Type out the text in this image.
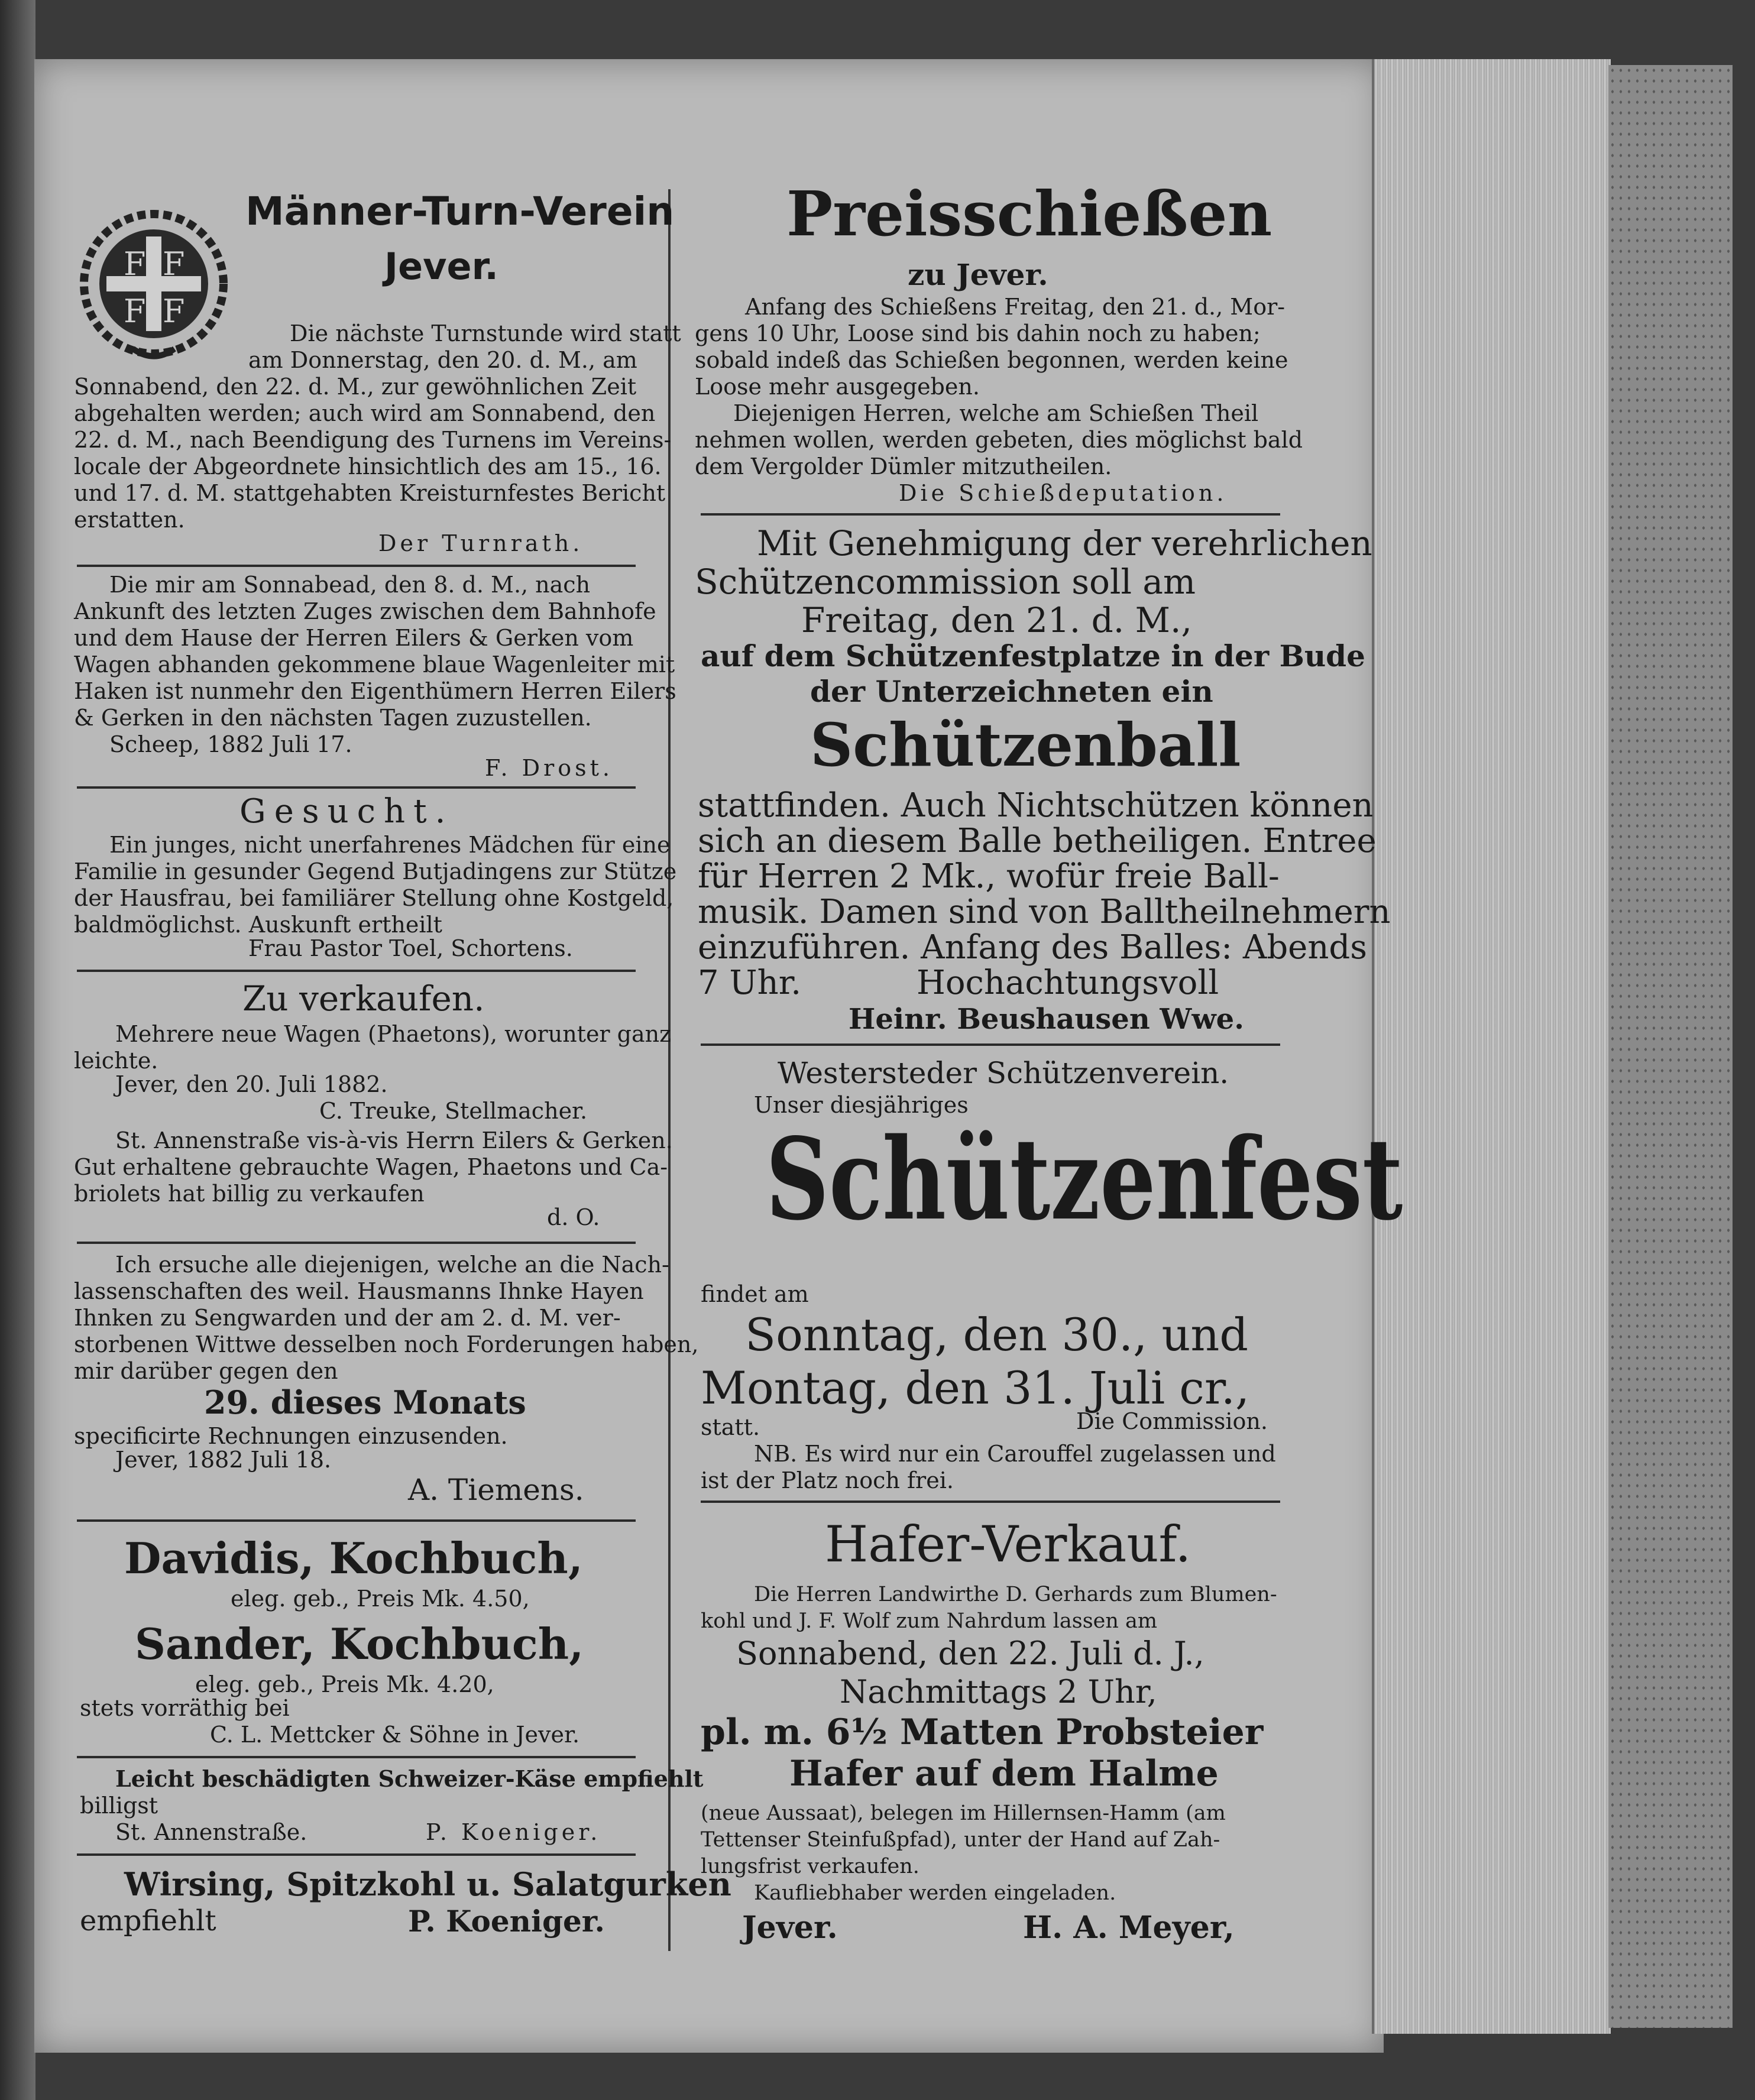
F F
F F
Männer-Turn-Verein
Jever.
Die nächste Turnstunde wird statt
am Donnerstag, den 20. d. M., am
Sonnabend, den 22. d. M., zur gewöhnlichen Zeit
abgehalten werden; auch wird am Sonnabend, den
22. d. M., nach Beendigung des Turnens im Vereins-
locale der Abgeordnete hinsichtlich des am 15., 16.
und 17. d. M. stattgehabten Kreisturnfestes Bericht
erstatten.
Der Turnrath.
Die mir am Sonnabead, den 8. d. M., nach
Ankunft des letzten Zuges zwischen dem Bahnhofe
und dem Hause der Herren Eilers & Gerken vom
Wagen abhanden gekommene blaue Wagenleiter mit
Haken ist nunmehr den Eigenthümern Herren Eilers
& Gerken in den nächsten Tagen zuzustellen.
Scheep, 1882 Juli 17.
F. Drost.
Gesucht.
Ein junges, nicht unerfahrenes Mädchen für eine
Familie in gesunder Gegend Butjadingens zur Stütze
der Hausfrau, bei familiärer Stellung ohne Kostgeld,
baldmöglichst. Auskunft ertheilt
Frau Pastor Toel, Schortens.
Zu verkaufen.
Mehrere neue Wagen (Phaetons), worunter ganz
leichte.
Jever, den 20. Juli 1882.
C. Treuke, Stellmacher.
St. Annenstraße vis-à-vis Herrn Eilers & Gerken.
Gut erhaltene gebrauchte Wagen, Phaetons und Ca-
briolets hat billig zu verkaufen
d. O.
Ich ersuche alle diejenigen, welche an die Nach-
lassenschaften des weil. Hausmanns Ihnke Hayen
Ihnken zu Sengwarden und der am 2. d. M. ver-
storbenen Wittwe desselben noch Forderungen haben,
mir darüber gegen den
29. dieses Monats
specificirte Rechnungen einzusenden.
Jever, 1882 Juli 18.
A. Tiemens.
Davidis, Kochbuch,
eleg. geb., Preis Mk. 4.50,
Sander, Kochbuch,
eleg. geb., Preis Mk. 4.20,
stets vorräthig bei
C. L. Mettcker & Söhne in Jever.
Leicht beschädigten Schweizer-Käse empfiehlt
billigst
St. Annenstraße.	P. Koeniger.
Wirsing, Spitzkohl u. Salatgurken
empfiehlt	P. Koeniger.
Preisschießen
zu Jever.
Anfang des Schießens Freitag, den 21. d., Mor-
gens 10 Uhr, Loose sind bis dahin noch zu haben;
sobald indeß das Schießen begonnen, werden keine
Loose mehr ausgegeben.
Diejenigen Herren, welche am Schießen Theil
nehmen wollen, werden gebeten, dies möglichst bald
dem Vergolder Dümler mitzutheilen.
Die Schießdeputation.
Mit Genehmigung der verehrlichen
Schützencommission soll am
Freitag, den 21. d. M.,
auf dem Schützenfestplatze in der Bude
der Unterzeichneten ein
Schützenball
stattfinden. Auch Nichtschützen können
sich an diesem Balle betheiligen. Entree
für Herren 2 Mk., wofür freie Ball-
musik. Damen sind von Balltheilnehmern
einzuführen. Anfang des Balles: Abends
7 Uhr.	Hochachtungsvoll
Heinr. Beushausen Wwe.
Westersteder Schützenverein.
Unser diesjähriges
Schützenfest
findet am
Sonntag, den 30., und
Montag, den 31. Juli cr.,
statt.	Die Commission.
NB. Es wird nur ein Carouffel zugelassen und
ist der Platz noch frei.
Hafer-Verkauf.
Die Herren Landwirthe D. Gerhards zum Blumen-
kohl und J. F. Wolf zum Nahrdum lassen am
Sonnabend, den 22. Juli d. J.,
Nachmittags 2 Uhr,
pl. m. 6½ Matten Probsteier
Hafer auf dem Halme
(neue Aussaat), belegen im Hillernsen-Hamm (am
Tettenser Steinfußpfad), unter der Hand auf Zah-
lungsfrist verkaufen.
Kaufliebhaber werden eingeladen.
Jever.	H. A. Meyer,
